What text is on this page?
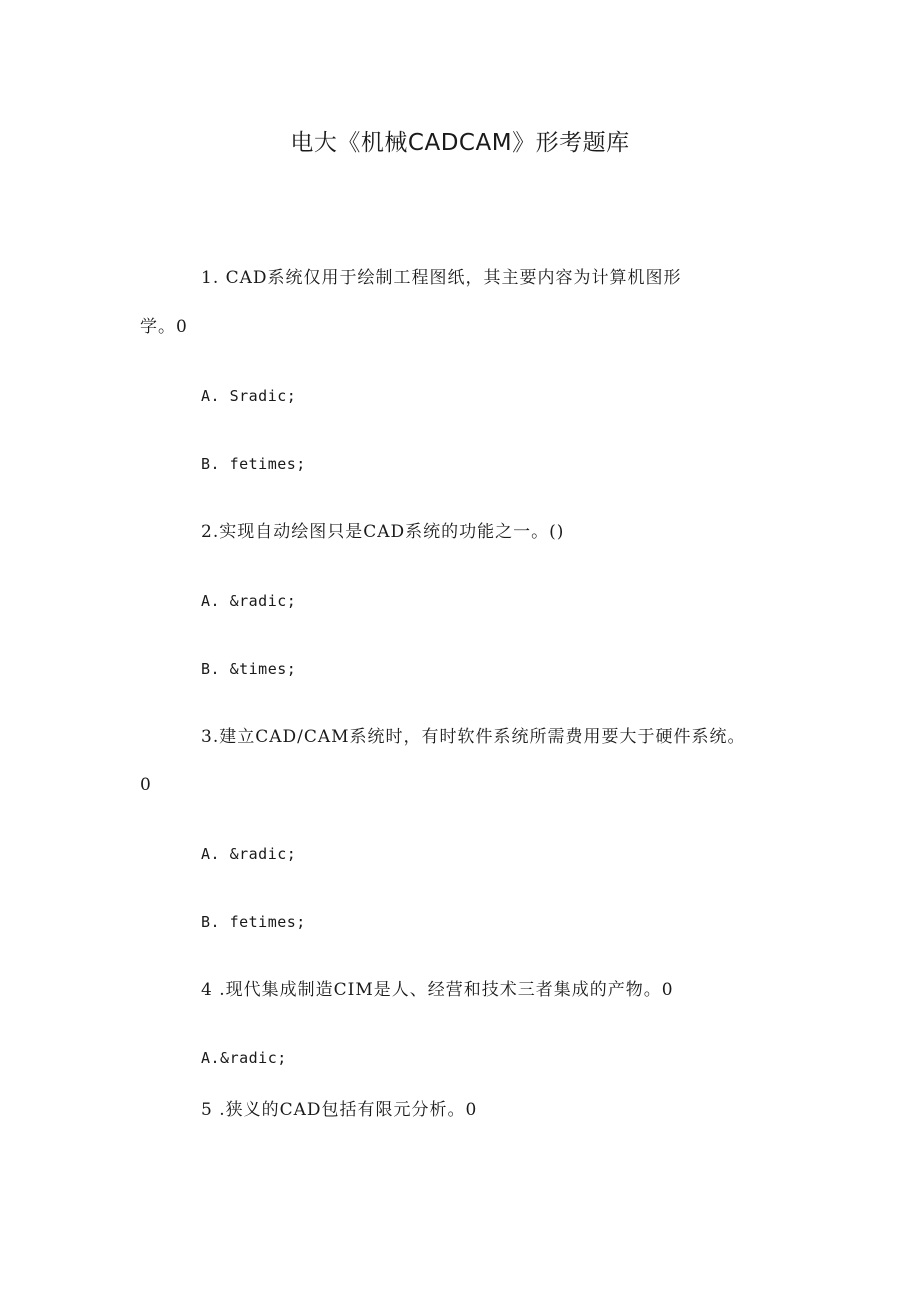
电大《机械CADCAM》形考题库
1. CAD系统仅用于绘制工程图纸，其主要内容为计算机图形
学。0
A. Sradic;
B. fetimes;
2.实现自动绘图只是CAD系统的功能之一。()
A. &radic;
B. &times;
3.建立CAD/CAM系统时，有时软件系统所需费用要大于硬件系统。
0
A. &radic;
B. fetimes;
4 .现代集成制造CIM是人、经营和技术三者集成的产物。0
A.&radic;
5 .狭义的CAD包括有限元分析。0
